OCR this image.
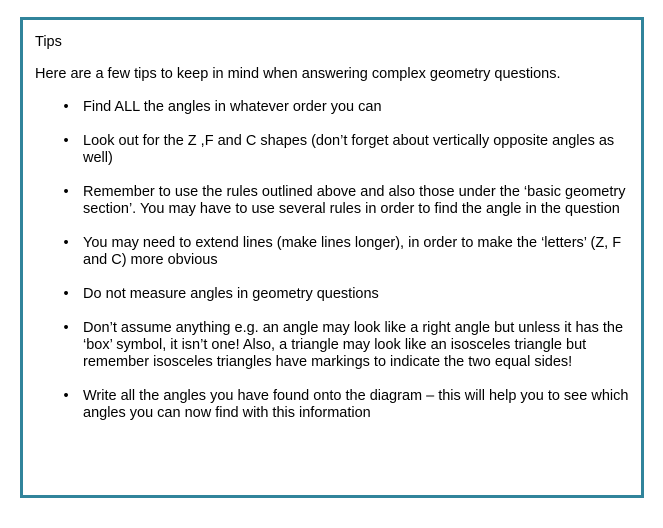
Tips

Here are a few tips to keep in mind when answering complex geometry questions.

• Find ALL the angles in whatever order you can
• Look out for the Z ,F and C shapes (don’t forget about vertically opposite angles as well)
• Remember to use the rules outlined above and also those under the ‘basic geometry section’. You may have to use several rules in order to find the angle in the question
• You may need to extend lines (make lines longer), in order to make the ‘letters’ (Z, F and C) more obvious
• Do not measure angles in geometry questions
• Don’t assume anything e.g. an angle may look like a right angle but unless it has the ‘box’ symbol, it isn’t one! Also, a triangle may look like an isosceles triangle but remember isosceles triangles have markings to indicate the two equal sides!
• Write all the angles you have found onto the diagram – this will help you to see which angles you can now find with this information
